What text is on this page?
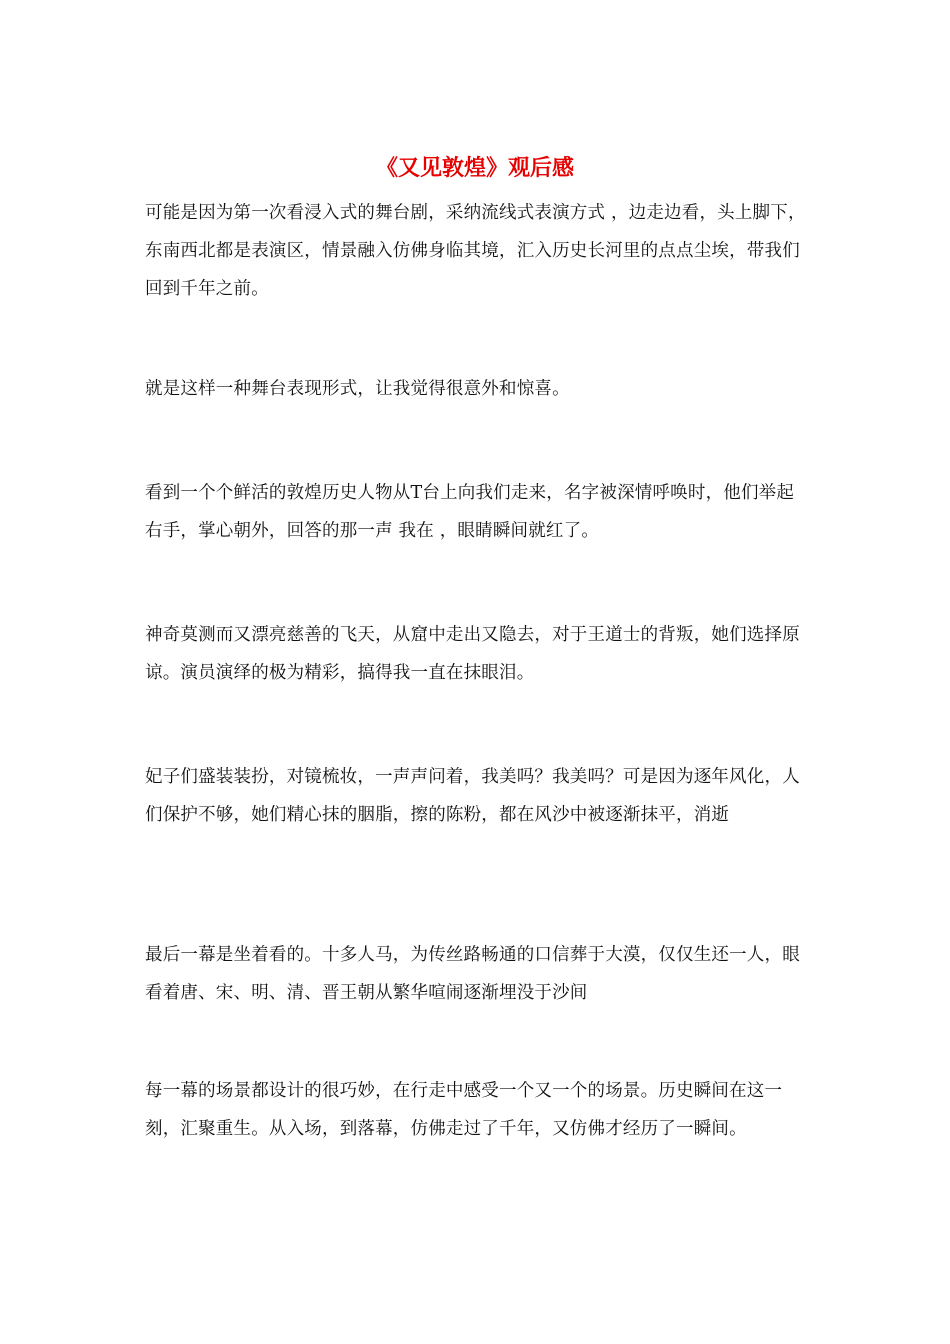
《又见敦煌》观后感

可能是因为第一次看浸入式的舞台剧，采纳流线式表演方式 ，边走边看，头上脚下，东南西北都是表演区，情景融入仿佛身临其境，汇入历史长河里的点点尘埃，带我们回到千年之前。

就是这样一种舞台表现形式，让我觉得很意外和惊喜。

看到一个个鲜活的敦煌历史人物从T台上向我们走来，名字被深情呼唤时，他们举起右手，掌心朝外，回答的那一声 我在 ，眼睛瞬间就红了。

神奇莫测而又漂亮慈善的飞天，从窟中走出又隐去，对于王道士的背叛，她们选择原谅。演员演绎的极为精彩，搞得我一直在抹眼泪。

妃子们盛装装扮，对镜梳妆，一声声问着，我美吗？我美吗？可是因为逐年风化，人们保护不够，她们精心抹的胭脂，擦的陈粉，都在风沙中被逐渐抹平，消逝

最后一幕是坐着看的。十多人马，为传丝路畅通的口信葬于大漠，仅仅生还一人，眼看着唐、宋、明、清、晋王朝从繁华喧闹逐渐埋没于沙间

每一幕的场景都设计的很巧妙，在行走中感受一个又一个的场景。历史瞬间在这一刻，汇聚重生。从入场，到落幕，仿佛走过了千年，又仿佛才经历了一瞬间。
